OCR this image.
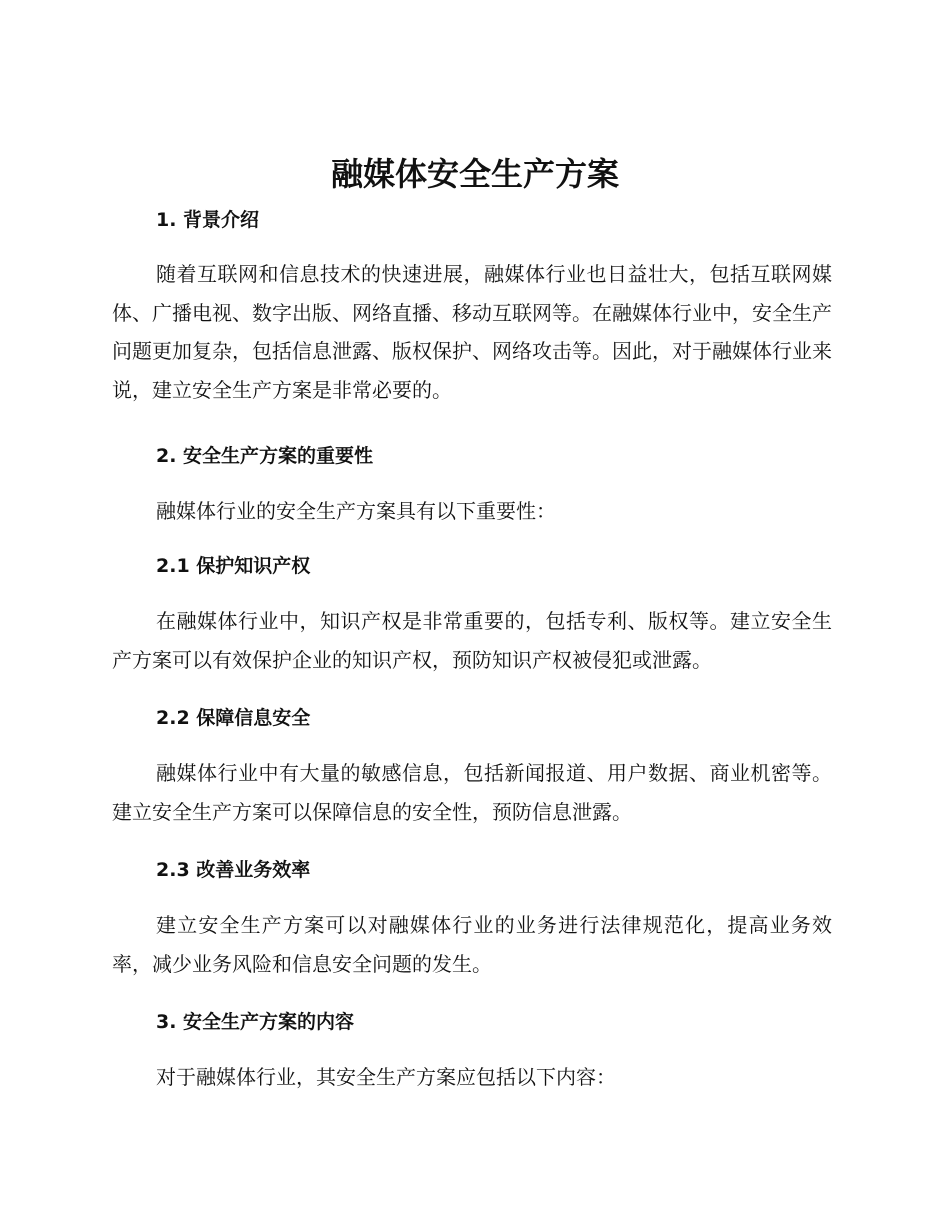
融媒体安全生产方案
1. 背景介绍

随着互联网和信息技术的快速进展，融媒体行业也日益壮大，包括互联网媒体、广播电视、数字出版、网络直播、移动互联网等。在融媒体行业中，安全生产问题更加复杂，包括信息泄露、版权保护、网络攻击等。因此，对于融媒体行业来说，建立安全生产方案是非常必要的。

2. 安全生产方案的重要性

融媒体行业的安全生产方案具有以下重要性：

2.1 保护知识产权

在融媒体行业中，知识产权是非常重要的，包括专利、版权等。建立安全生产方案可以有效保护企业的知识产权，预防知识产权被侵犯或泄露。

2.2 保障信息安全

融媒体行业中有大量的敏感信息，包括新闻报道、用户数据、商业机密等。建立安全生产方案可以保障信息的安全性，预防信息泄露。

2.3 改善业务效率

建立安全生产方案可以对融媒体行业的业务进行法律规范化，提高业务效率，减少业务风险和信息安全问题的发生。

3. 安全生产方案的内容

对于融媒体行业，其安全生产方案应包括以下内容：
